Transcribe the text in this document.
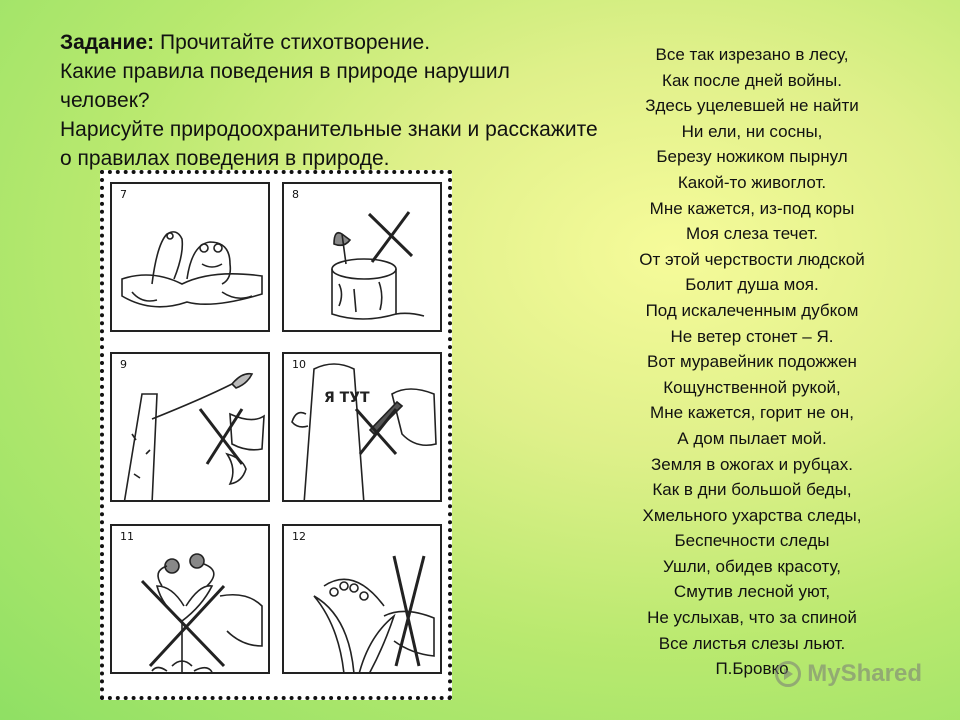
Задание: Прочитайте стихотворение.

Какие правила поведения в природе нарушил человек?

Нарисуйте природоохранительные знаки и расскажите о правилах поведения в природе.

7	8
9	10
Я ТУТ
11	12
Все так изрезано в лесу,
Как после дней войны.
Здесь уцелевшей не найти
Ни ели, ни сосны,
Березу ножиком пырнул
Какой-то живоглот.
Мне кажется, из-под коры
Моя слеза течет.
От этой черствости людской
Болит душа моя.
Под искалеченным дубком
Не ветер стонет – Я.
Вот муравейник подожжен
Кощунственной рукой,
Мне кажется, горит не он,
А дом пылает мой.
Земля в ожогах и рубцах.
Как в дни большой беды,
Хмельного ухарства следы,
Беспечности следы
Ушли, обидев красоту,
Смутив лесной уют,
Не услыхав, что за спиной
Все листья слезы льют.
П.Бровко MyShared
